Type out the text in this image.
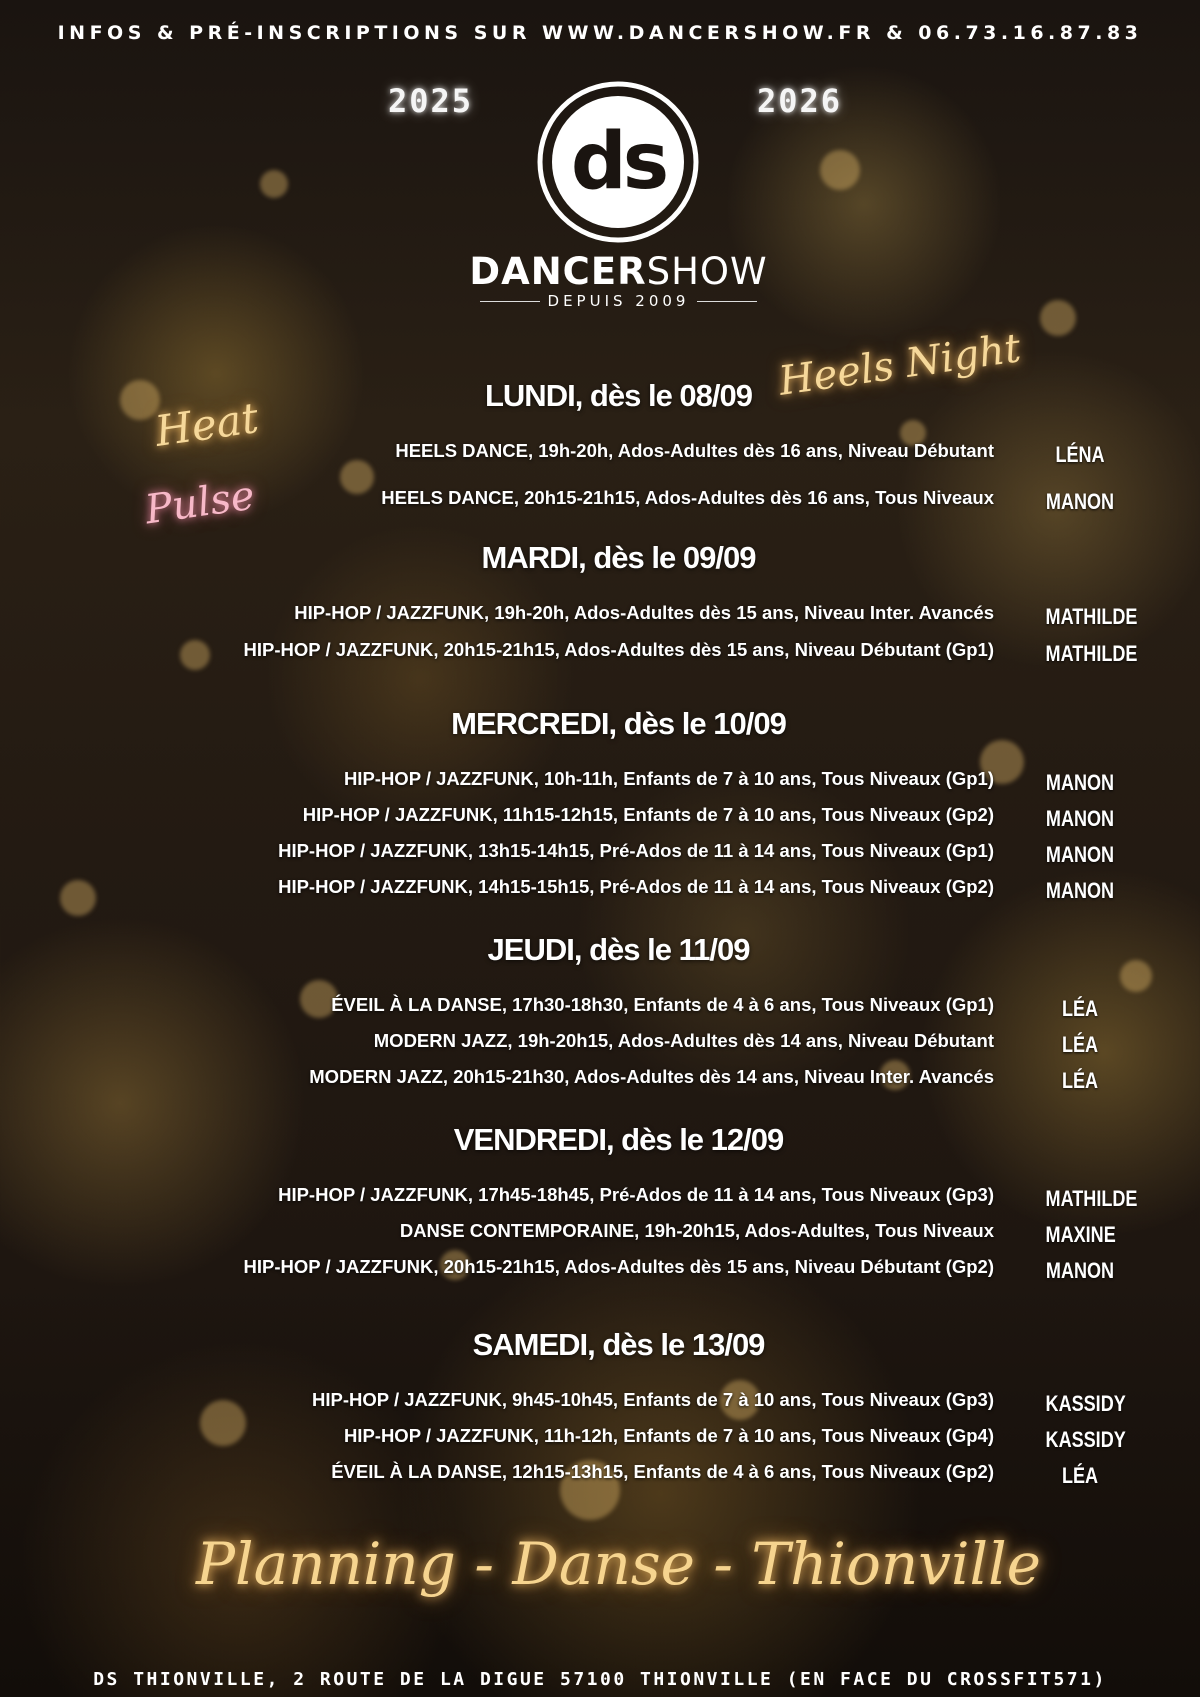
INFOS & PRÉ-INSCRIPTIONS SUR WWW.DANCERSHOW.FR & 06.73.16.87.83
2025	2026
ds
DANCERSHOW
DEPUIS 2009
Heels Night
Heat
Pulse
LUNDI, dès le 08/09
HEELS DANCE, 19h-20h, Ados-Adultes dès 16 ans, Niveau Débutant	LÉNA
HEELS DANCE, 20h15-21h15, Ados-Adultes dès 16 ans, Tous Niveaux MANON
MARDI, dès le 09/09
HIP-HOP / JAZZFUNK, 19h-20h, Ados-Adultes dès 15 ans, Niveau Inter. Avancés MATHILDE
HIP-HOP / JAZZFUNK, 20h15-21h15, Ados-Adultes dès 15 ans, Niveau Débutant (Gp1) MATHILDE
MERCREDI, dès le 10/09
HIP-HOP / JAZZFUNK, 10h-11h, Enfants de 7 à 10 ans, Tous Niveaux (Gp1) MANON
HIP-HOP / JAZZFUNK, 11h15-12h15, Enfants de 7 à 10 ans, Tous Niveaux (Gp2) MANON
HIP-HOP / JAZZFUNK, 13h15-14h15, Pré-Ados de 11 à 14 ans, Tous Niveaux (Gp1) MANON
HIP-HOP / JAZZFUNK, 14h15-15h15, Pré-Ados de 11 à 14 ans, Tous Niveaux (Gp2) MANON
JEUDI, dès le 11/09
ÉVEIL À LA DANSE, 17h30-18h30, Enfants de 4 à 6 ans, Tous Niveaux (Gp1)	LÉA
MODERN JAZZ, 19h-20h15, Ados-Adultes dès 14 ans, Niveau Débutant	LÉA
MODERN JAZZ, 20h15-21h30, Ados-Adultes dès 14 ans, Niveau Inter. Avancés	LÉA
VENDREDI, dès le 12/09
HIP-HOP / JAZZFUNK, 17h45-18h45, Pré-Ados de 11 à 14 ans, Tous Niveaux (Gp3) MATHILDE
DANSE CONTEMPORAINE, 19h-20h15, Ados-Adultes, Tous Niveaux MAXINE
HIP-HOP / JAZZFUNK, 20h15-21h15, Ados-Adultes dès 15 ans, Niveau Débutant (Gp2) MANON
SAMEDI, dès le 13/09
HIP-HOP / JAZZFUNK, 9h45-10h45, Enfants de 7 à 10 ans, Tous Niveaux (Gp3) KASSIDY
HIP-HOP / JAZZFUNK, 11h-12h, Enfants de 7 à 10 ans, Tous Niveaux (Gp4) KASSIDY
ÉVEIL À LA DANSE, 12h15-13h15, Enfants de 4 à 6 ans, Tous Niveaux (Gp2)	LÉA
Planning - Danse - Thionville
DS THIONVILLE, 2 ROUTE DE LA DIGUE 57100 THIONVILLE (EN FACE DU CROSSFIT571)
